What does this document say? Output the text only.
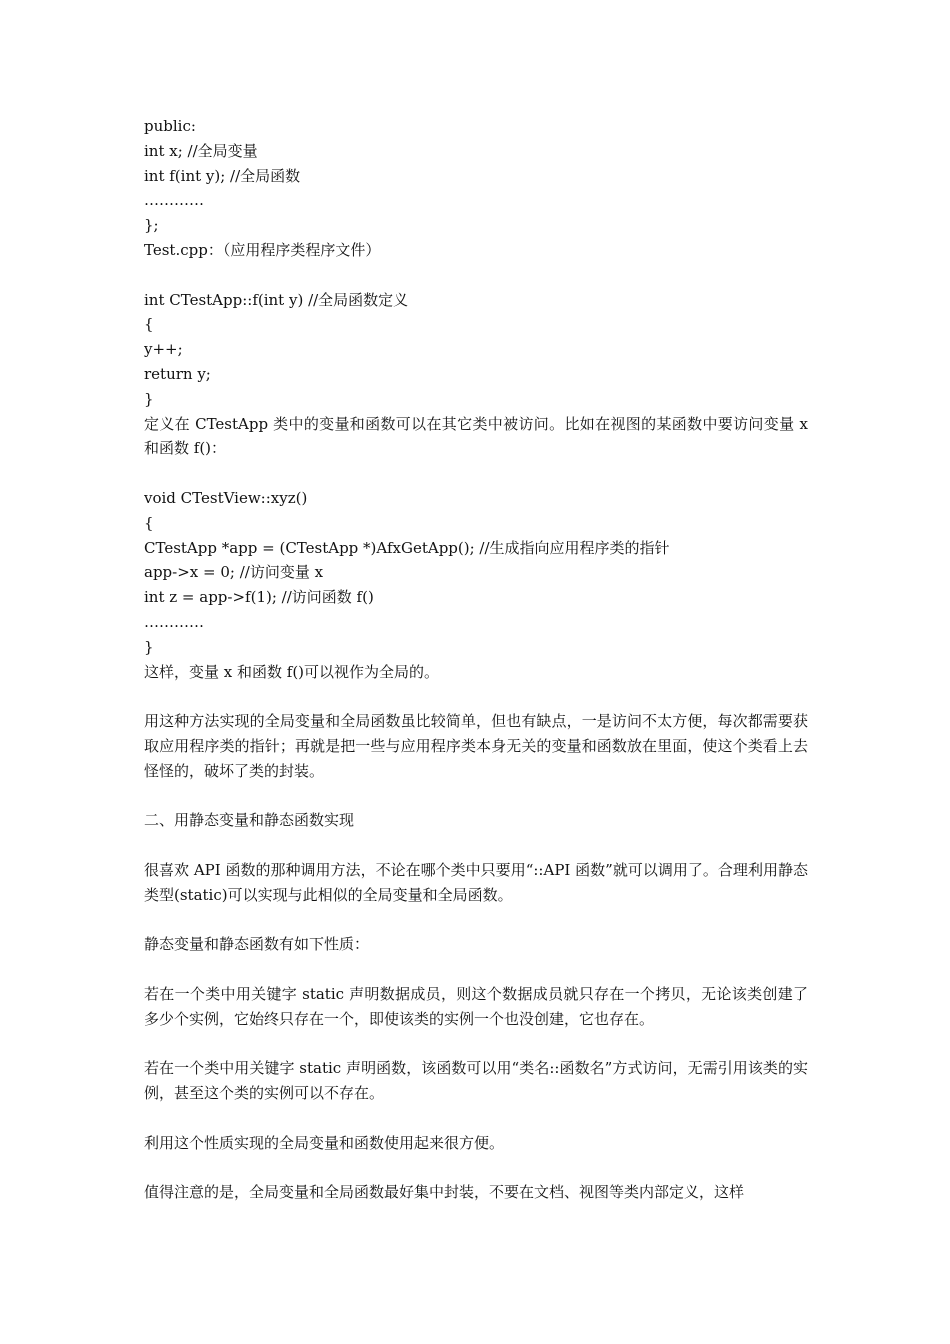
public:
int x; //全局变量
int f(int y); //全局函数
…………
};
Test.cpp：（应用程序类程序文件）
int CTestApp::f(int y) //全局函数定义
{
y++;
return y;
}
定义在 CTestApp 类中的变量和函数可以在其它类中被访问。比如在视图的某函数中要访问变量 x 和函数 f()：
void CTestView::xyz()
{
CTestApp *app = (CTestApp *)AfxGetApp(); //生成指向应用程序类的指针
app->x = 0; //访问变量 x
int z = app->f(1); //访问函数 f()
…………
}
这样，变量 x 和函数 f()可以视作为全局的。
用这种方法实现的全局变量和全局函数虽比较简单，但也有缺点，一是访问不太方便，每次都需要获取应用程序类的指针；再就是把一些与应用程序类本身无关的变量和函数放在里面，使这个类看上去怪怪的，破坏了类的封装。
二、用静态变量和静态函数实现
很喜欢 API 函数的那种调用方法，不论在哪个类中只要用“::API 函数”就可以调用了。合理利用静态类型(static)可以实现与此相似的全局变量和全局函数。
静态变量和静态函数有如下性质：
若在一个类中用关键字 static 声明数据成员，则这个数据成员就只存在一个拷贝，无论该类创建了多少个实例，它始终只存在一个，即使该类的实例一个也没创建，它也存在。
若在一个类中用关键字 static 声明函数，该函数可以用“类名::函数名”方式访问，无需引用该类的实例，甚至这个类的实例可以不存在。
利用这个性质实现的全局变量和函数使用起来很方便。
值得注意的是，全局变量和全局函数最好集中封装，不要在文档、视图等类内部定义，这样
